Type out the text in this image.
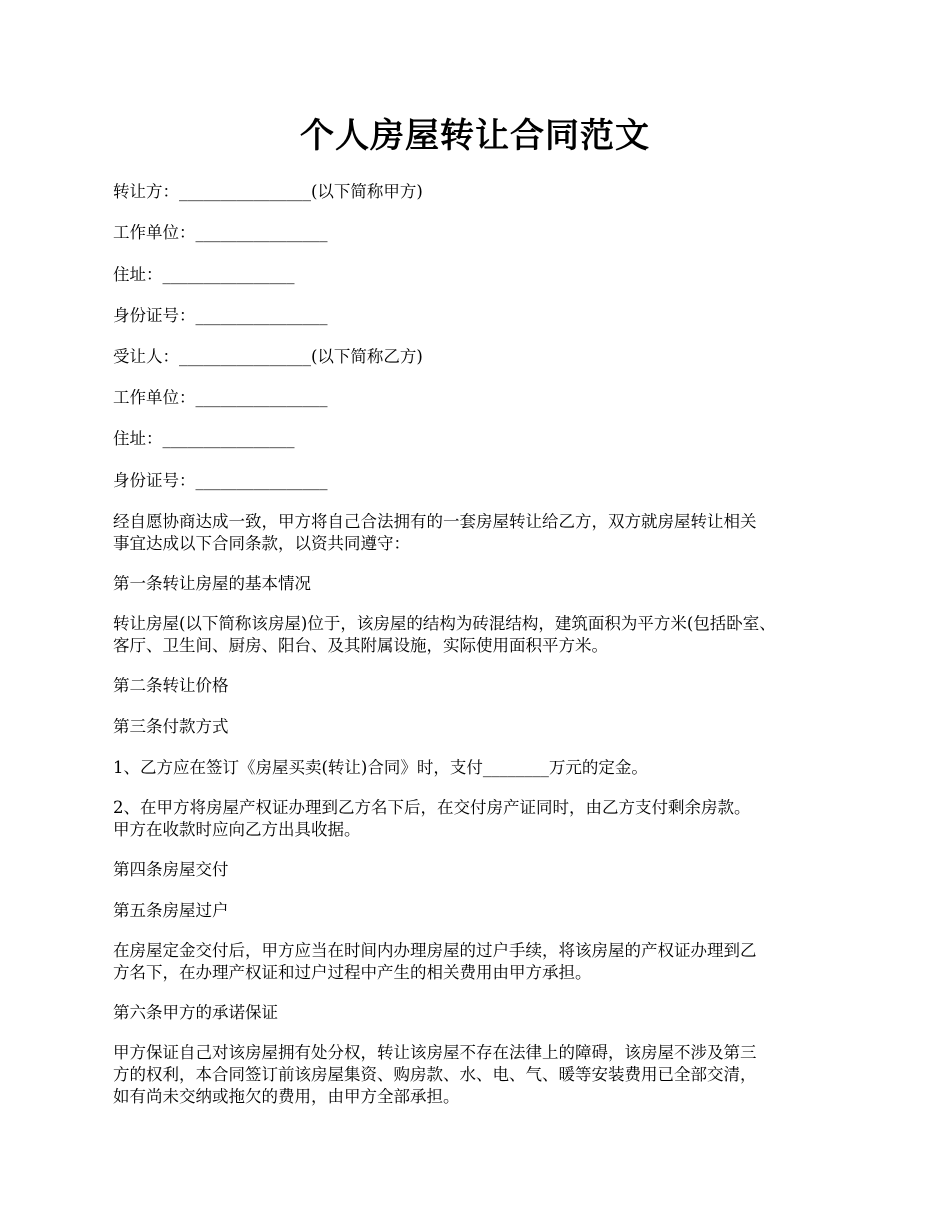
个人房屋转让合同范文

转让方：________________(以下简称甲方)

工作单位：________________

住址：________________

身份证号：________________

受让人：________________(以下简称乙方)

工作单位：________________

住址：________________

身份证号：________________

经自愿协商达成一致，甲方将自己合法拥有的一套房屋转让给乙方，双方就房屋转让相关
事宜达成以下合同条款，以资共同遵守：

第一条转让房屋的基本情况

转让房屋(以下简称该房屋)位于，该房屋的结构为砖混结构，建筑面积为平方米(包括卧室、
客厅、卫生间、厨房、阳台、及其附属设施，实际使用面积平方米。

第二条转让价格

第三条付款方式

1、乙方应在签订《房屋买卖(转让)合同》时，支付________万元的定金。

2、在甲方将房屋产权证办理到乙方名下后，在交付房产证同时，由乙方支付剩余房款。
甲方在收款时应向乙方出具收据。

第四条房屋交付

第五条房屋过户

在房屋定金交付后，甲方应当在时间内办理房屋的过户手续，将该房屋的产权证办理到乙
方名下，在办理产权证和过户过程中产生的相关费用由甲方承担。

第六条甲方的承诺保证

甲方保证自己对该房屋拥有处分权，转让该房屋不存在法律上的障碍，该房屋不涉及第三
方的权利，本合同签订前该房屋集资、购房款、水、电、气、暖等安装费用已全部交清，
如有尚未交纳或拖欠的费用，由甲方全部承担。
